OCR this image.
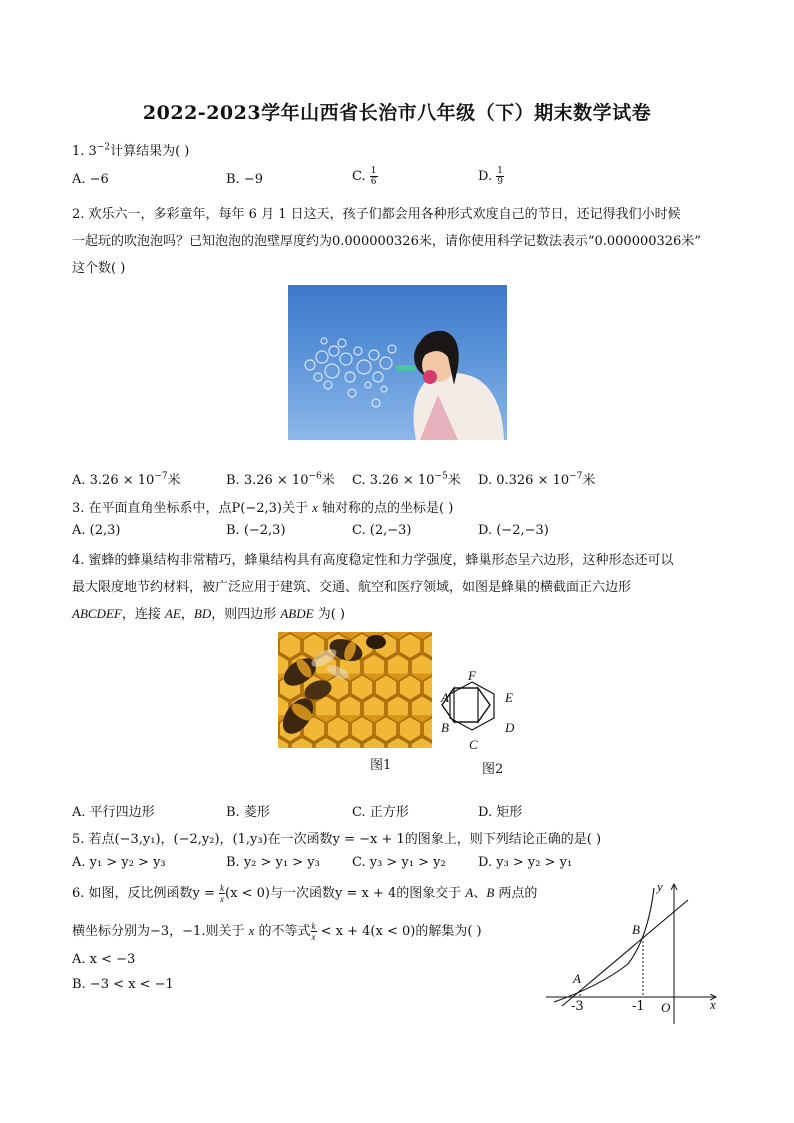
2022-2023学年山西省长治市八年级（下）期末数学试卷
1. $3^{-2}$计算结果为( )
A. −6	B. −9	C. $\frac{1}{6}$	D. $\frac{1}{9}$
2. 欢乐六一，多彩童年，每年 6 月 1 日这天，孩子们都会用各种形式欢度自己的节日，还记得我们小时候
一起玩的吹泡泡吗？已知泡泡的泡壁厚度约为0.000000326米，请你使用科学记数法表示“0.000000326米”
这个数( )
A. $3.26 \times 10^{-7}$米	B. $3.26 \times 10^{-6}$米 C. $3.26 \times 10^{-5}$米 D. $0.326 \times 10^{-7}$米
3. 在平面直角坐标系中，点P(−2,3)关于 x 轴对称的点的坐标是( )
A. (2,3)	B. (−2,3)	C. (2,−3)	D. (−2,−3)
4. 蜜蜂的蜂巢结构非常精巧，蜂巢结构具有高度稳定性和力学强度，蜂巢形态呈六边形，这种形态还可以
最大限度地节约材料，被广泛应用于建筑、交通、航空和医疗领域，如图是蜂巢的横截面正六边形
ABCDEF，连接 AE，BD，则四边形 ABDE 为( )
图1
F
A	E
B	D
C
图2
A. 平行四边形	B. 菱形	C. 正方形	D. 矩形
5. 若点(−3,y₁)，(−2,y₂)，(1,y₃)在一次函数y = −x + 1的图象上，则下列结论正确的是( )
A. y₁ > y₂ > y₃	B. y₂ > y₁ > y₃ C. y₃ > y₁ > y₂ D. y₃ > y₂ > y₁
6. 如图，反比例函数$y = \frac{k}{x} (x < 0)$与一次函数y = x + 4的图象交于 A、B 两点的
横坐标分别为−3，−1.则关于 x 的不等式 $\frac{k}{x} < x + 4(x < 0)$的解集为( )
A. x < −3
B. −3 < x < −1
y
x
O
A
B
-3	-1
